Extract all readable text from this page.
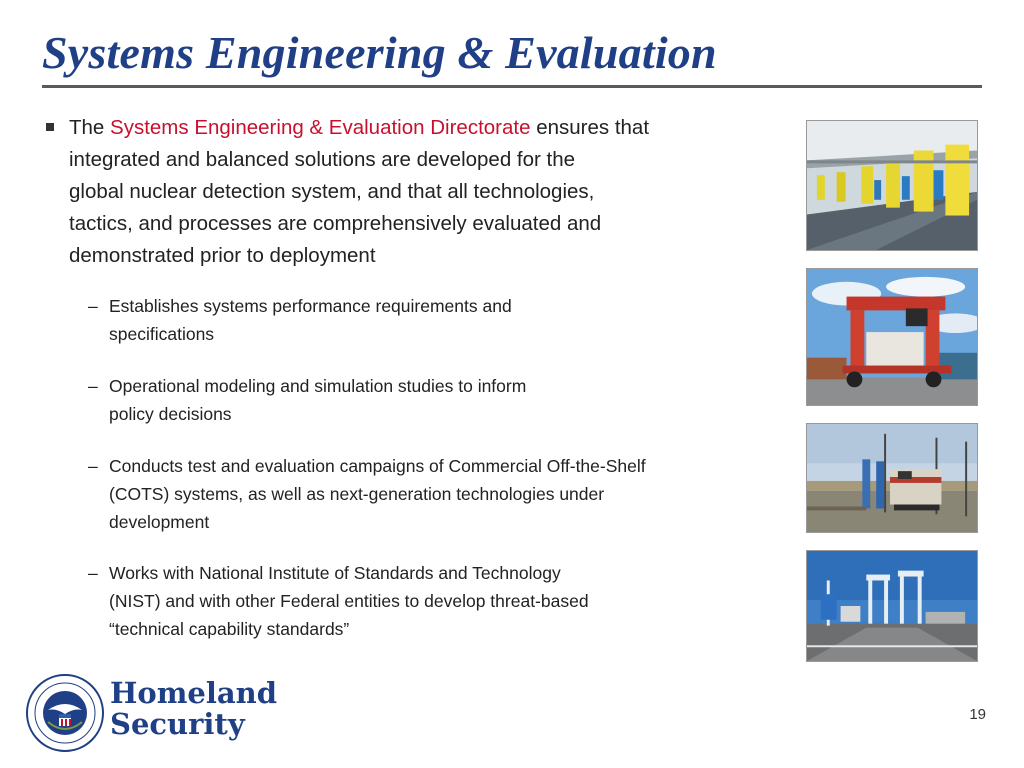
Systems Engineering & Evaluation
The Systems Engineering & Evaluation Directorate ensures that
integrated and balanced solutions are developed for the
global nuclear detection system, and that all technologies,
tactics, and processes are comprehensively evaluated and
demonstrated prior to deployment
– Establishes systems performance requirements and
specifications
– Operational modeling and simulation studies to inform
policy decisions
– Conducts test and evaluation campaigns of Commercial Off-the-Shelf
(COTS) systems, as well as next-generation technologies under
development
– Works with National Institute of Standards and Technology
(NIST) and with other Federal entities to develop threat-based
“technical capability standards”
Homeland
Security	19
